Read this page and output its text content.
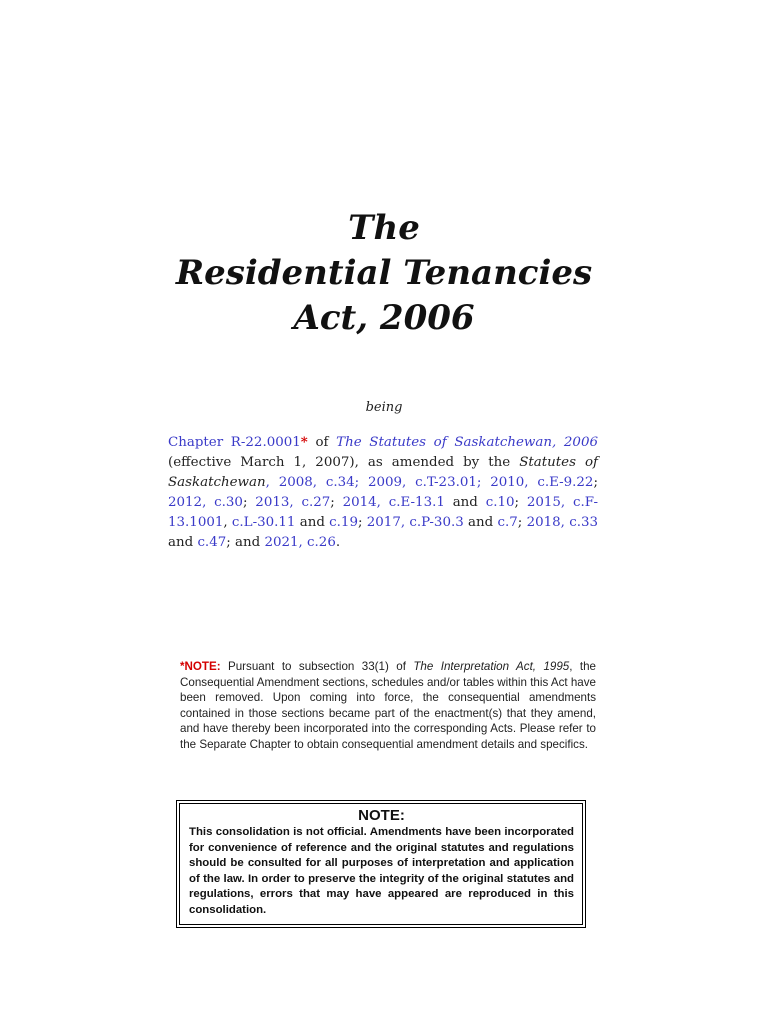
The
Residential Tenancies
Act, 2006
being
Chapter R-22.0001* of The Statutes of Saskatchewan, 2006 (effective March 1, 2007), as amended by the Statutes of Saskatchewan, 2008, c.34; 2009, c.T-23.01; 2010, c.E-9.22; 2012, c.30; 2013, c.27; 2014, c.E-13.1 and c.10; 2015, c.F-13.1001, c.L-30.11 and c.19; 2017, c.P-30.3 and c.7; 2018, c.33 and c.47; and 2021, c.26.
*NOTE: Pursuant to subsection 33(1) of The Interpretation Act, 1995, the Consequential Amendment sections, schedules and/or tables within this Act have been removed. Upon coming into force, the consequential amendments contained in those sections became part of the enactment(s) that they amend, and have thereby been incorporated into the corresponding Acts. Please refer to the Separate Chapter to obtain consequential amendment details and specifics.
NOTE:
This consolidation is not official. Amendments have been incorporated for convenience of reference and the original statutes and regulations should be consulted for all purposes of interpretation and application of the law. In order to preserve the integrity of the original statutes and regulations, errors that may have appeared are reproduced in this consolidation.
